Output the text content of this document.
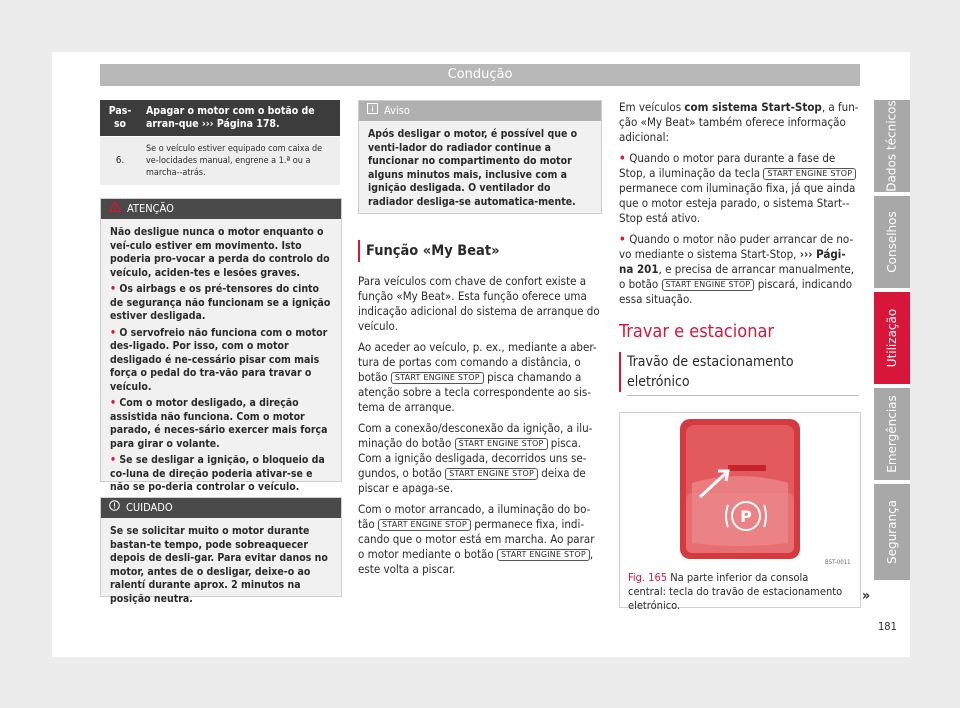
Condução
Dados técnicos
Conselhos
Utilização
Emergências
Segurança
Pas-so	Apagar o motor com o botão de arran-que ››› Página 178.
6.	Se o veículo estiver equipado com caixa de ve-locidades manual, engrene a 1.ª ou a marcha--atrás.
ATENÇÃO

Não desligue nunca o motor enquanto o veí-culo estiver em movimento. Isto poderia pro-vocar a perda do controlo do veículo, aciden-tes e lesões graves.

• Os airbags e os pré-tensores do cinto de segurança não funcionam se a ignição estiver desligada.

• O servofreio não funciona com o motor des-ligado. Por isso, com o motor desligado é ne-cessário pisar com mais força o pedal do tra-vão para travar o veículo.

• Com o motor desligado, a direção assistida não funciona. Com o motor parado, é neces-sário exercer mais força para girar o volante.

• Se se desligar a ignição, o bloqueio da co-luna de direção poderia ativar-se e não se po-deria controlar o veículo.

CUIDADO
Se se solicitar muito o motor durante bastan-te tempo, pode sobreaquecer depois de desli-gar. Para evitar danos no motor, antes de o desligar, deixe-o ao ralentí durante aprox. 2 minutos na posição neutra.
Aviso
Após desligar o motor, é possível que o venti-lador do radiador continue a funcionar no compartimento do motor alguns minutos mais, inclusive com a ignição desligada. O ventilador do radiador desliga-se automatica-mente.
Função «My Beat»

Para veículos com chave de confort existe a função «My Beat». Esta função oferece uma indicação adicional do sistema de arranque do veículo.

Ao aceder ao veículo, p. ex., mediante a aber-tura de portas com comando a distância, o botão START ENGINE STOP pisca chamando a atenção sobre a tecla correspondente ao sis-tema de arranque.

Com a conexão/desconexão da ignição, a ilu-minação do botão START ENGINE STOP pisca. Com a ignição desligada, decorridos uns se-gundos, o botão START ENGINE STOP deixa de piscar e apaga-se.

Com o motor arrancado, a iluminação do bo-tão START ENGINE STOP permanece fixa, indi-cando que o motor está em marcha. Ao parar o motor mediante o botão START ENGINE STOP , este volta a piscar.

Em veículos com sistema Start-Stop, a fun-ção «My Beat» também oferece informação adicional:

• Quando o motor para durante a fase de Stop, a iluminação da tecla START ENGINE STOP permanece com iluminação fixa, já que ainda que o motor esteja parado, o sistema Start--Stop está ativo.

• Quando o motor não puder arrancar de no-vo mediante o sistema Start-Stop, ››› Pági-na 201, e precisa de arrancar manualmente, o botão START ENGINE STOP piscará, indicando essa situação.

Travar e estacionar

Travão de estacionamento eletrónico

P
B5T-0011
Fig. 165 Na parte inferior da consola central: tecla do travão de estacionamento eletrónico.
»
181
